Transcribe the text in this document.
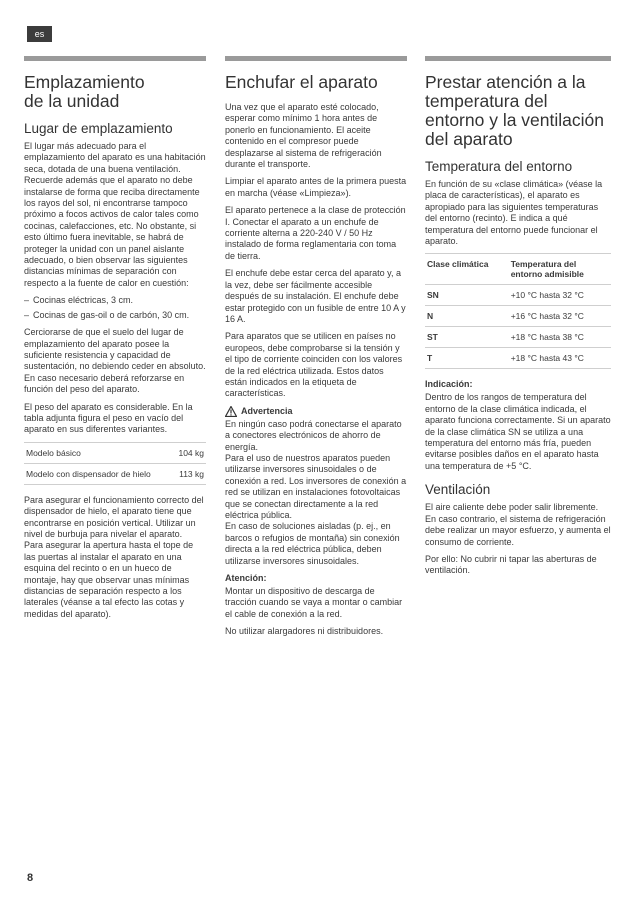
es
Emplazamiento
de la unidad
Lugar de emplazamiento

El lugar más adecuado para el emplazamiento del aparato es una habitación seca, dotada de una buena ventilación. Recuerde además que el aparato no debe instalarse de forma que reciba directamente los rayos del sol, ni encontrarse tampoco próximo a focos activos de calor tales como cocinas, calefacciones, etc. No obstante, si esto último fuera inevitable, se habrá de proteger la unidad con un panel aislante adecuado, o bien observar las siguientes distancias mínimas de separación con respecto a la fuente de calor en cuestión:

– Cocinas eléctricas, 3 cm.
– Cocinas de gas-oil o de carbón, 30 cm.

Cerciorarse de que el suelo del lugar de emplazamiento del aparato posee la suficiente resistencia y capacidad de sustentación, no debiendo ceder en absoluto. En caso necesario deberá reforzarse en función del peso del aparato.

El peso del aparato es considerable. En la tabla adjunta figura el peso en vacío del aparato en sus diferentes variantes.

Modelo básico	104 kg
Modelo con dispensador de hielo	113 kg

Para asegurar el funcionamiento correcto del dispensador de hielo, el aparato tiene que encontrarse en posición vertical. Utilizar un nivel de burbuja para nivelar el aparato.

Para asegurar la apertura hasta el tope de las puertas al instalar el aparato en una esquina del recinto o en un hueco de montaje, hay que observar unas mínimas distancias de separación respecto a los laterales (véanse a tal efecto las cotas y medidas del aparato).

Enchufar el aparato

Una vez que el aparato esté colocado, esperar como mínimo 1 hora antes de ponerlo en funcionamiento. El aceite contenido en el compresor puede desplazarse al sistema de refrigeración durante el transporte.

Limpiar el aparato antes de la primera puesta en marcha (véase «Limpieza»).

El aparato pertenece a la clase de protección I. Conectar el aparato a un enchufe de corriente alterna a 220-240 V / 50 Hz instalado de forma reglamentaria con toma de tierra.

El enchufe debe estar cerca del aparato y, a la vez, debe ser fácilmente accesible después de su instalación. El enchufe debe estar protegido con un fusible de entre 10 A y 16 A.

Para aparatos que se utilicen en países no europeos, debe comprobarse si la tensión y el tipo de corriente coinciden con los valores de la red eléctrica utilizada. Estos datos están indicados en la etiqueta de características.

Advertencia

En ningún caso podrá conectarse el aparato a conectores electrónicos de ahorro de energía.

Para el uso de nuestros aparatos pueden utilizarse inversores sinusoidales o de conexión a red. Los inversores de conexión a red se utilizan en instalaciones fotovoltaicas que se conectan directamente a la red eléctrica pública.

En caso de soluciones aisladas (p. ej., en barcos o refugios de montaña) sin conexión directa a la red eléctrica pública, deben utilizarse inversores sinusoidales.

Atención:

Montar un dispositivo de descarga de tracción cuando se vaya a montar o cambiar el cable de conexión a la red.

No utilizar alargadores ni distribuidores.

Prestar atención a la temperatura del entorno y la ventilación del aparato
Temperatura del entorno

En función de su «clase climática» (véase la placa de características), el aparato es apropiado para las siguientes temperaturas del entorno (recinto). E indica a qué temperatura del entorno puede funcionar el aparato.

Clase climática	Temperatura del entorno admisible
SN	+10 °C hasta 32 °C
N	+16 °C hasta 32 °C
ST	+18 °C hasta 38 °C
T	+18 °C hasta 43 °C
Indicación:

Dentro de los rangos de temperatura del entorno de la clase climática indicada, el aparato funciona correctamente. Si un aparato de la clase climática SN se utiliza a una temperatura del entorno más fría, pueden evitarse posibles daños en el aparato hasta una temperatura de +5 °C.

Ventilación

El aire caliente debe poder salir libremente. En caso contrario, el sistema de refrigeración debe realizar un mayor esfuerzo, y aumenta el consumo de corriente.

Por ello: No cubrir ni tapar las aberturas de ventilación.

8
